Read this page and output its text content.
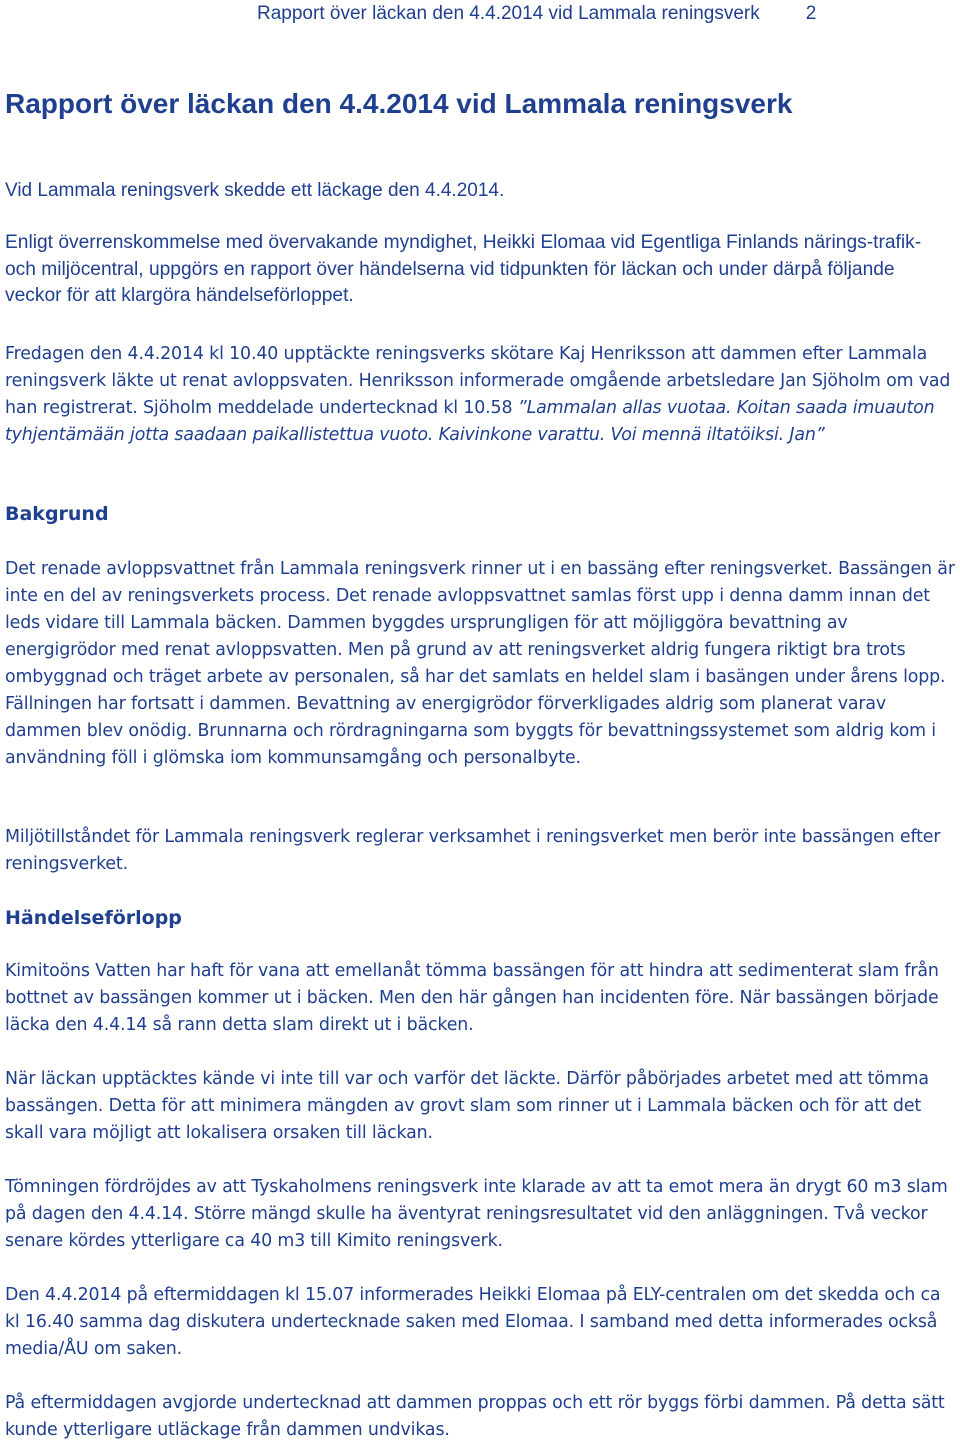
Rapport över läckan den 4.4.2014 vid Lammala reningsverk 2
Rapport över läckan den 4.4.2014 vid Lammala reningsverk

Vid Lammala reningsverk skedde ett läckage den 4.4.2014.

Enligt överrenskommelse med övervakande myndighet, Heikki Elomaa vid Egentliga Finlands närings-trafik- och miljöcentral, uppgörs en rapport över händelserna vid tidpunkten för läckan och under därpå följande veckor för att klargöra händelseförloppet.

Fredagen den 4.4.2014 kl 10.40 upptäckte reningsverks skötare Kaj Henriksson att dammen efter Lammala reningsverk läkte ut renat avloppsvaten. Henriksson informerade omgående arbetsledare Jan Sjöholm om vad han registrerat. Sjöholm meddelade undertecknad kl 10.58 ”Lammalan allas vuotaa. Koitan saada imuauton tyhjentämään jotta saadaan paikallistettua vuoto. Kaivinkone varattu. Voi mennä iltatöiksi. Jan”

Bakgrund

Det renade avloppsvattnet från Lammala reningsverk rinner ut i en bassäng efter reningsverket. Bassängen är inte en del av reningsverkets process. Det renade avloppsvattnet samlas först upp i denna damm innan det leds vidare till Lammala bäcken. Dammen byggdes ursprungligen för att möjliggöra bevattning av energigrödor med renat avloppsvatten. Men på grund av att reningsverket aldrig fungera riktigt bra trots ombyggnad och träget arbete av personalen, så har det samlats en heldel slam i basängen under årens lopp. Fällningen har fortsatt i dammen. Bevattning av energigrödor förverkligades aldrig som planerat varav dammen blev onödig. Brunnarna och rördragningarna som byggts för bevattningssystemet som aldrig kom i användning föll i glömska iom kommunsamgång och personalbyte.

Miljötillståndet för Lammala reningsverk reglerar verksamhet i reningsverket men berör inte bassängen efter reningsverket.

Händelseförlopp

Kimitoöns Vatten har haft för vana att emellanåt tömma bassängen för att hindra att sedimenterat slam från bottnet av bassängen kommer ut i bäcken. Men den här gången han incidenten före. När bassängen började läcka den 4.4.14 så rann detta slam direkt ut i bäcken.

När läckan upptäcktes kände vi inte till var och varför det läckte. Därför påbörjades arbetet med att tömma bassängen. Detta för att minimera mängden av grovt slam som rinner ut i Lammala bäcken och för att det skall vara möjligt att lokalisera orsaken till läckan.

Tömningen fördröjdes av att Tyskaholmens reningsverk inte klarade av att ta emot mera än drygt 60 m3 slam på dagen den 4.4.14. Större mängd skulle ha äventyrat reningsresultatet vid den anläggningen. Två veckor senare kördes ytterligare ca 40 m3 till Kimito reningsverk.

Den 4.4.2014 på eftermiddagen kl 15.07 informerades Heikki Elomaa på ELY-centralen om det skedda och ca kl 16.40 samma dag diskutera undertecknade saken med Elomaa. I samband med detta informerades också media/ÅU om saken.

På eftermiddagen avgjorde undertecknad att dammen proppas och ett rör byggs förbi dammen. På detta sätt kunde ytterligare utläckage från dammen undvikas.
